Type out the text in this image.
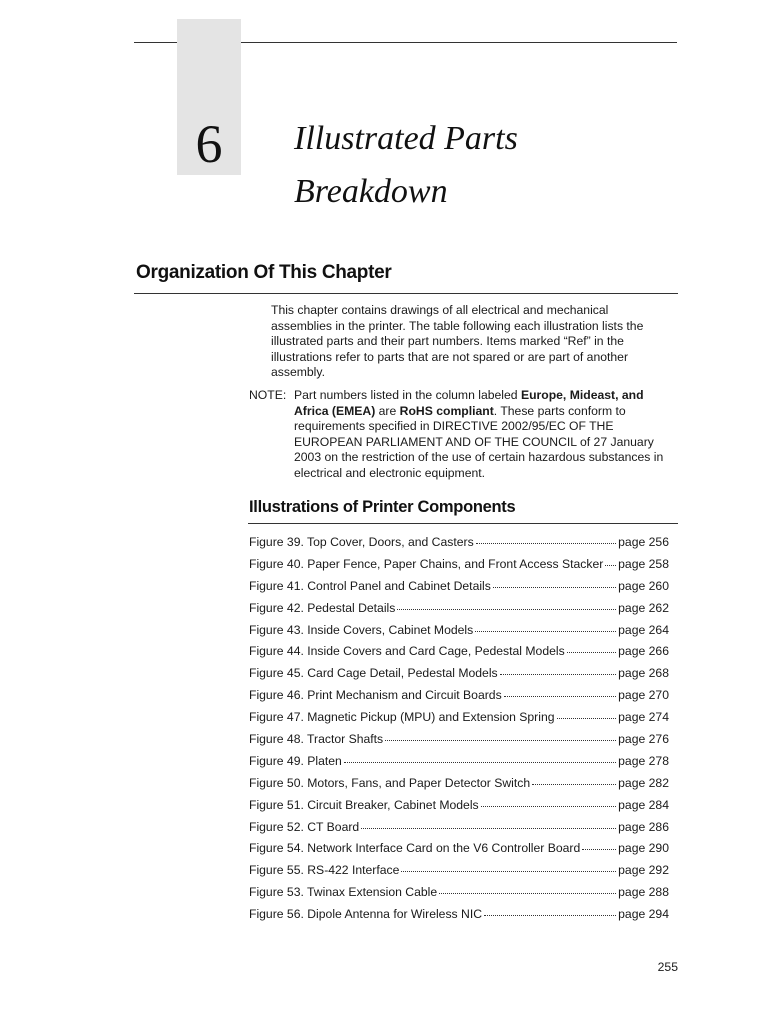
6	Illustrated Parts
Breakdown
Organization Of This Chapter
This chapter contains drawings of all electrical and mechanical assemblies in the printer. The table following each illustration lists the illustrated parts and their part numbers. Items marked “Ref” in the illustrations refer to parts that are not spared or are part of another assembly.
NOTE: Part numbers listed in the column labeled Europe, Mideast, and Africa (EMEA) are RoHS compliant. These parts conform to requirements specified in DIRECTIVE 2002/95/EC OF THE EUROPEAN PARLIAMENT AND OF THE COUNCIL of 27 January 2003 on the restriction of the use of certain hazardous substances in electrical and electronic equipment.
Illustrations of Printer Components
Figure 39. Top Cover, Doors, and Casters	page 256
Figure 40. Paper Fence, Paper Chains, and Front Access Stacker page 258
Figure 41. Control Panel and Cabinet Details	page 260
Figure 42. Pedestal Details	page 262
Figure 43. Inside Covers, Cabinet Models	page 264
Figure 44. Inside Covers and Card Cage, Pedestal Models	page 266
Figure 45. Card Cage Detail, Pedestal Models	page 268
Figure 46. Print Mechanism and Circuit Boards	page 270
Figure 47. Magnetic Pickup (MPU) and Extension Spring	page 274
Figure 48. Tractor Shafts	page 276
Figure 49. Platen	page 278
Figure 50. Motors, Fans, and Paper Detector Switch	page 282
Figure 51. Circuit Breaker, Cabinet Models	page 284
Figure 52. CT Board	page 286
Figure 54. Network Interface Card on the V6 Controller Board	page 290
Figure 55. RS-422 Interface	page 292
Figure 53. Twinax Extension Cable	page 288
Figure 56. Dipole Antenna for Wireless NIC	page 294
255
